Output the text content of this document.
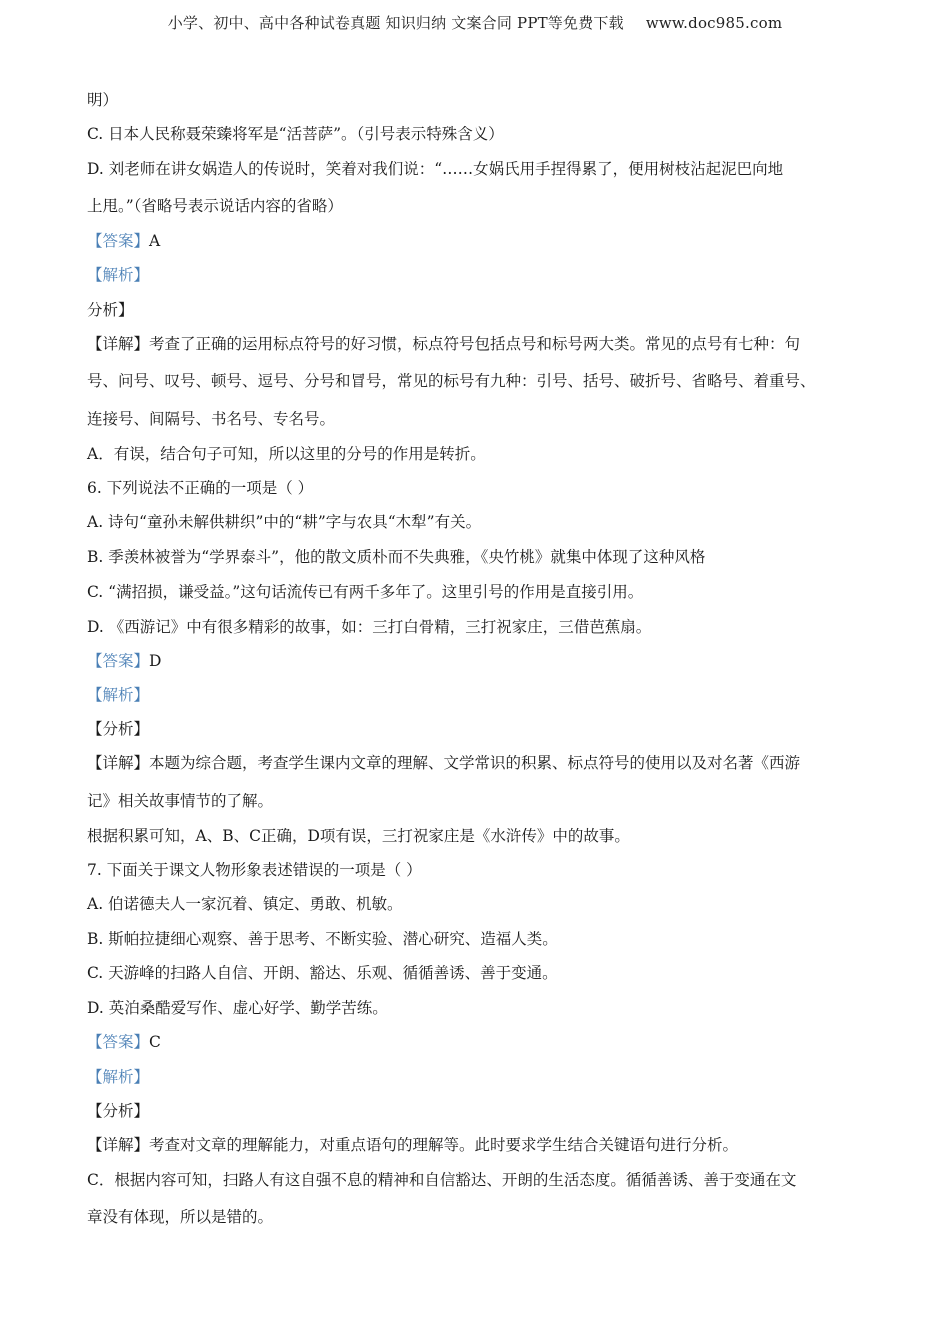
小学、初中、高中各种试卷真题 知识归纳 文案合同 PPT等免费下载 www.doc985.com
明）
C. 日本人民称聂荣臻将军是“活菩萨”。（引号表示特殊含义）
D. 刘老师在讲女娲造人的传说时，笑着对我们说：“……女娲氏用手捏得累了，便用树枝沾起泥巴向地
上甩。”（省略号表示说话内容的省略）
【答案】A
【解析】
分析】
【详解】考查了正确的运用标点符号的好习惯，标点符号包括点号和标号两大类。常见的点号有七种：句
号、问号、叹号、顿号、逗号、分号和冒号，常见的标号有九种：引号、括号、破折号、省略号、着重号、
连接号、间隔号、书名号、专名号。
A．有误，结合句子可知，所以这里的分号的作用是转折。
6. 下列说法不正确的一项是（ ）
A. 诗句“童孙未解供耕织”中的“耕”字与农具“木犁”有关。
B. 季羡林被誉为“学界泰斗”，他的散文质朴而不失典雅，《央竹桃》就集中体现了这种风格
C. “满招损，谦受益。”这句话流传已有两千多年了。这里引号的作用是直接引用。
D. 《西游记》中有很多精彩的故事，如：三打白骨精，三打祝家庄，三借芭蕉扇。
【答案】D
【解析】
【分析】
【详解】本题为综合题，考查学生课内文章的理解、文学常识的积累、标点符号的使用以及对名著《西游
记》相关故事情节的了解。
根据积累可知，A、B、C正确，D项有误，三打祝家庄是《水浒传》中的故事。
7. 下面关于课文人物形象表述错误的一项是（ ）
A. 伯诺德夫人一家沉着、镇定、勇敢、机敏。
B. 斯帕拉捷细心观察、善于思考、不断实验、潜心研究、造福人类。
C. 天游峰的扫路人自信、开朗、豁达、乐观、循循善诱、善于变通。
D. 英泊桑酷爱写作、虚心好学、勤学苦练。
【答案】C
【解析】
【分析】
【详解】考查对文章的理解能力，对重点语句的理解等。此时要求学生结合关键语句进行分析。
C．根据内容可知，扫路人有这自强不息的精神和自信豁达、开朗的生活态度。循循善诱、善于变通在文
章没有体现，所以是错的。
